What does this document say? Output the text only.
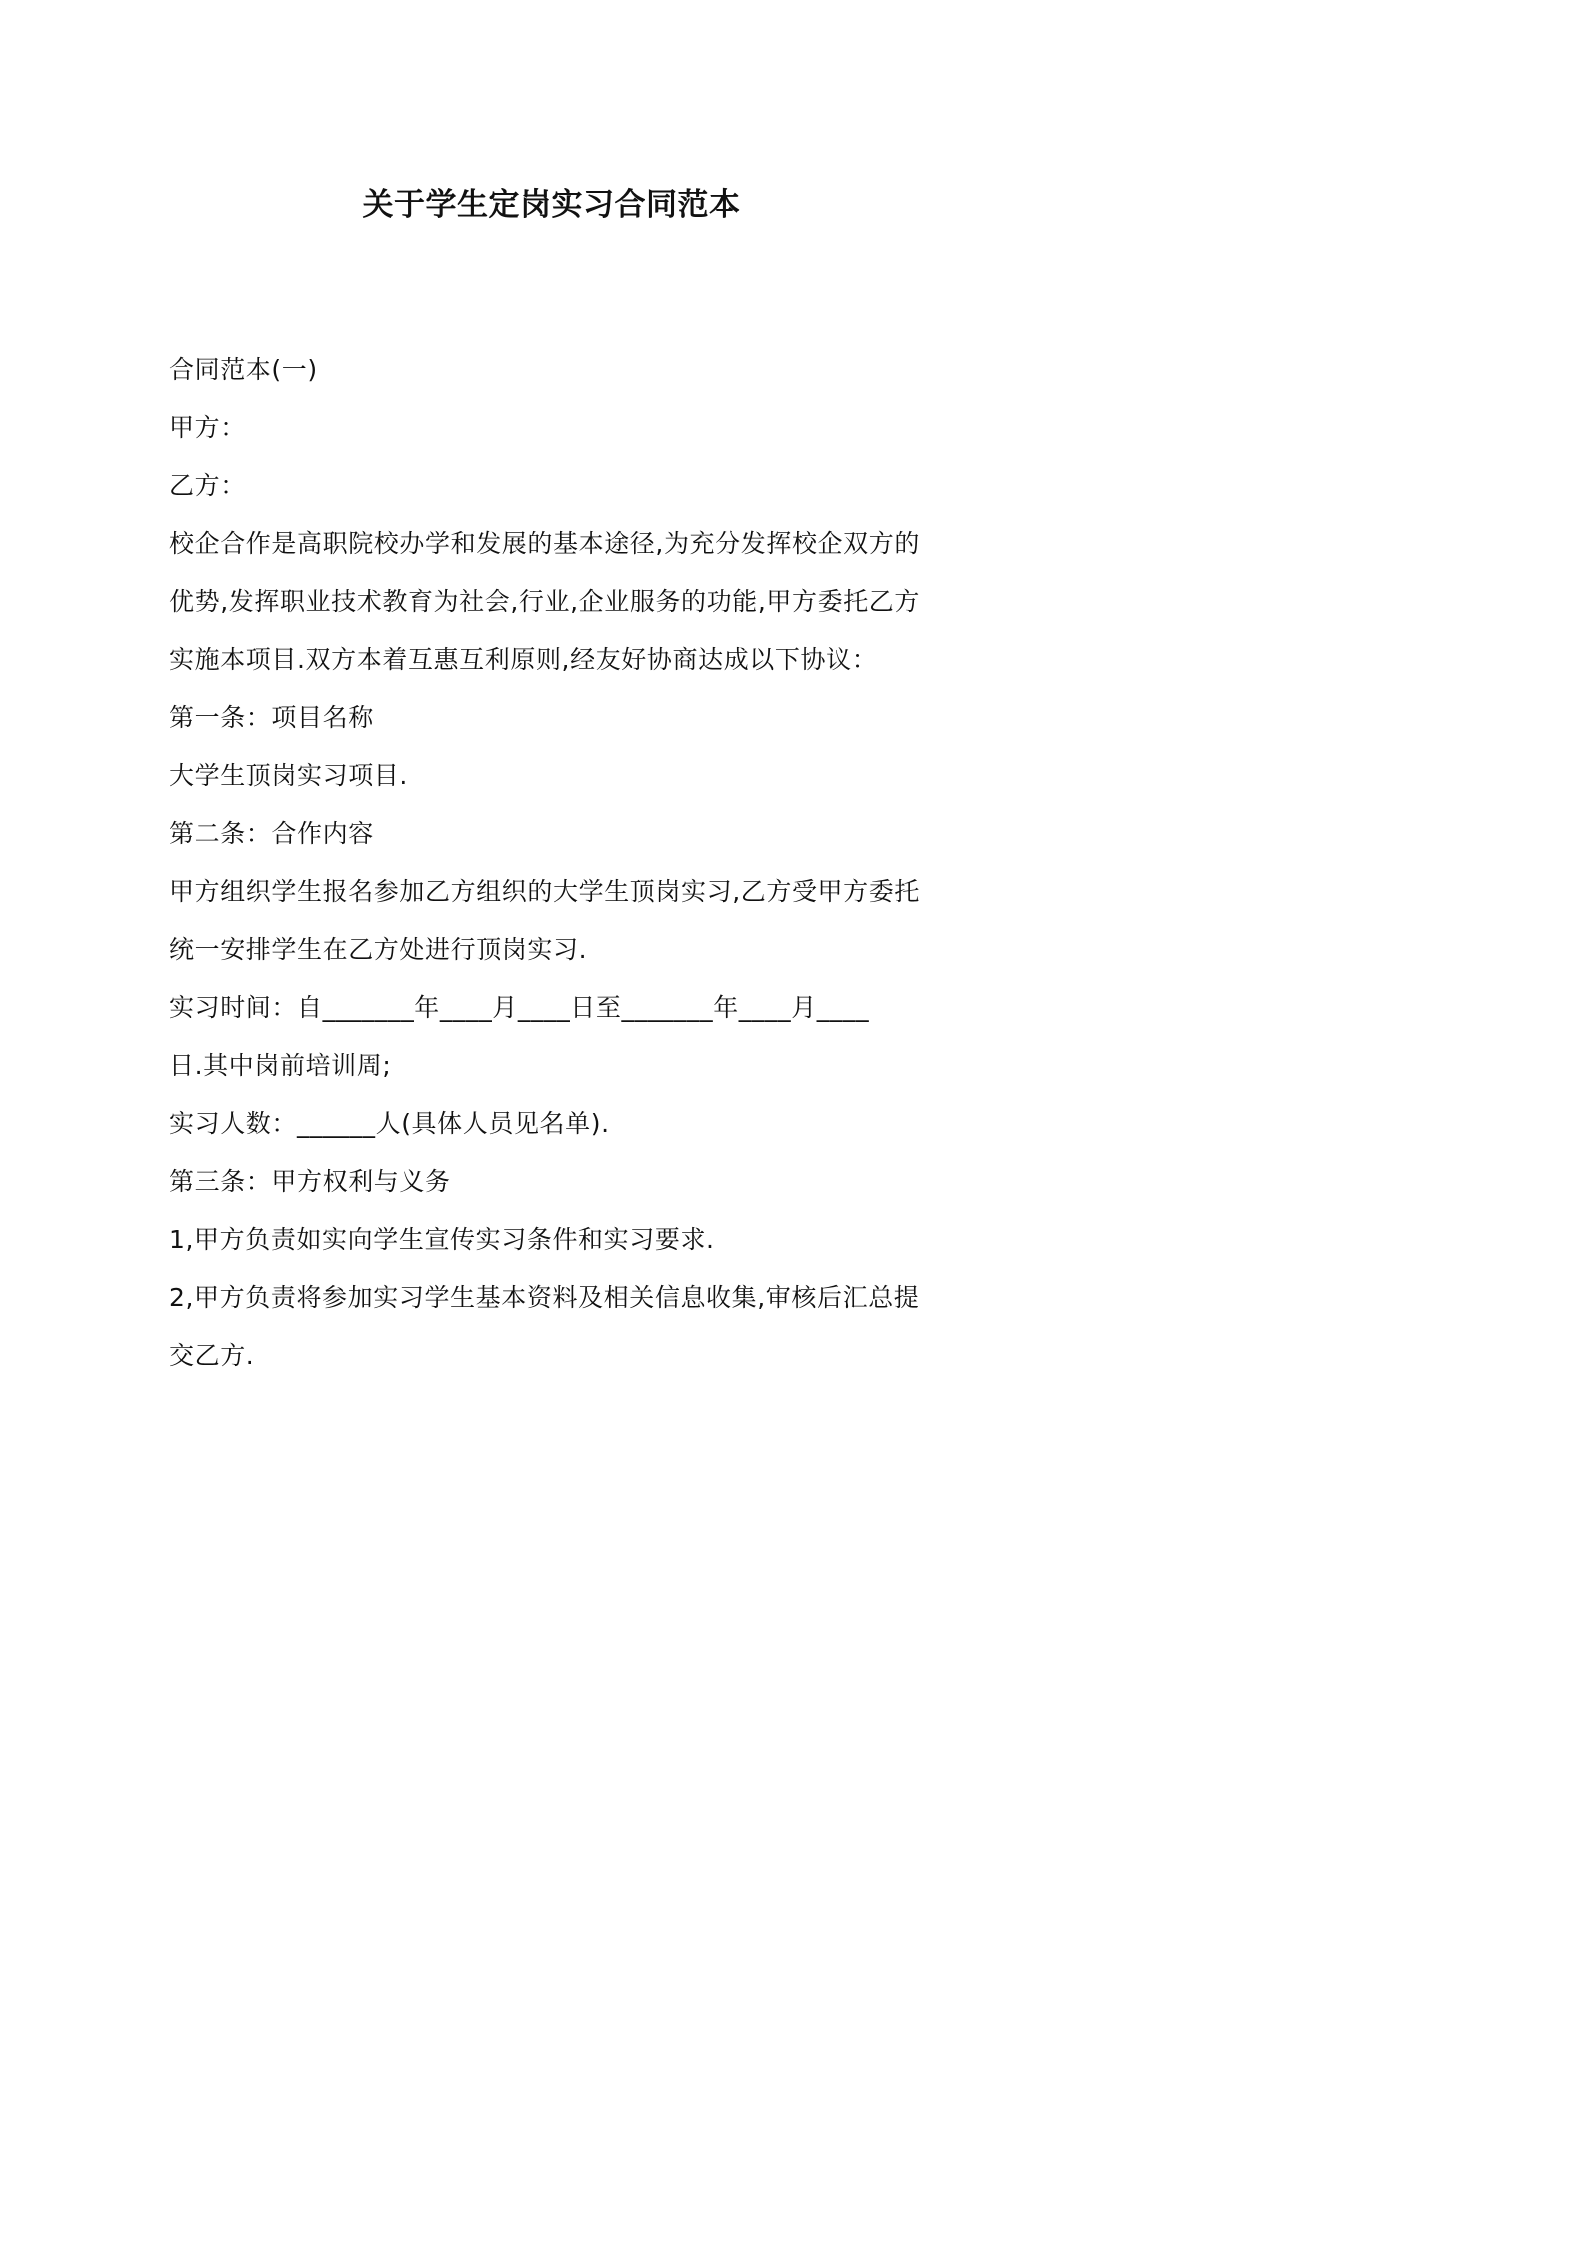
关于学生定岗实习合同范本
合同范本(一)
甲方：
乙方：
校企合作是高职院校办学和发展的基本途径,为充分发挥校企双方的
优势,发挥职业技术教育为社会,行业,企业服务的功能,甲方委托乙方
实施本项目.双方本着互惠互利原则,经友好协商达成以下协议：
第一条：项目名称
大学生顶岗实习项目.
第二条：合作内容
甲方组织学生报名参加乙方组织的大学生顶岗实习,乙方受甲方委托
统一安排学生在乙方处进行顶岗实习.
实习时间：自_______年____月____日至_______年____月____
日.其中岗前培训周;
实习人数：______人(具体人员见名单).
第三条：甲方权利与义务
1,甲方负责如实向学生宣传实习条件和实习要求.
2,甲方负责将参加实习学生基本资料及相关信息收集,审核后汇总提
交乙方.
